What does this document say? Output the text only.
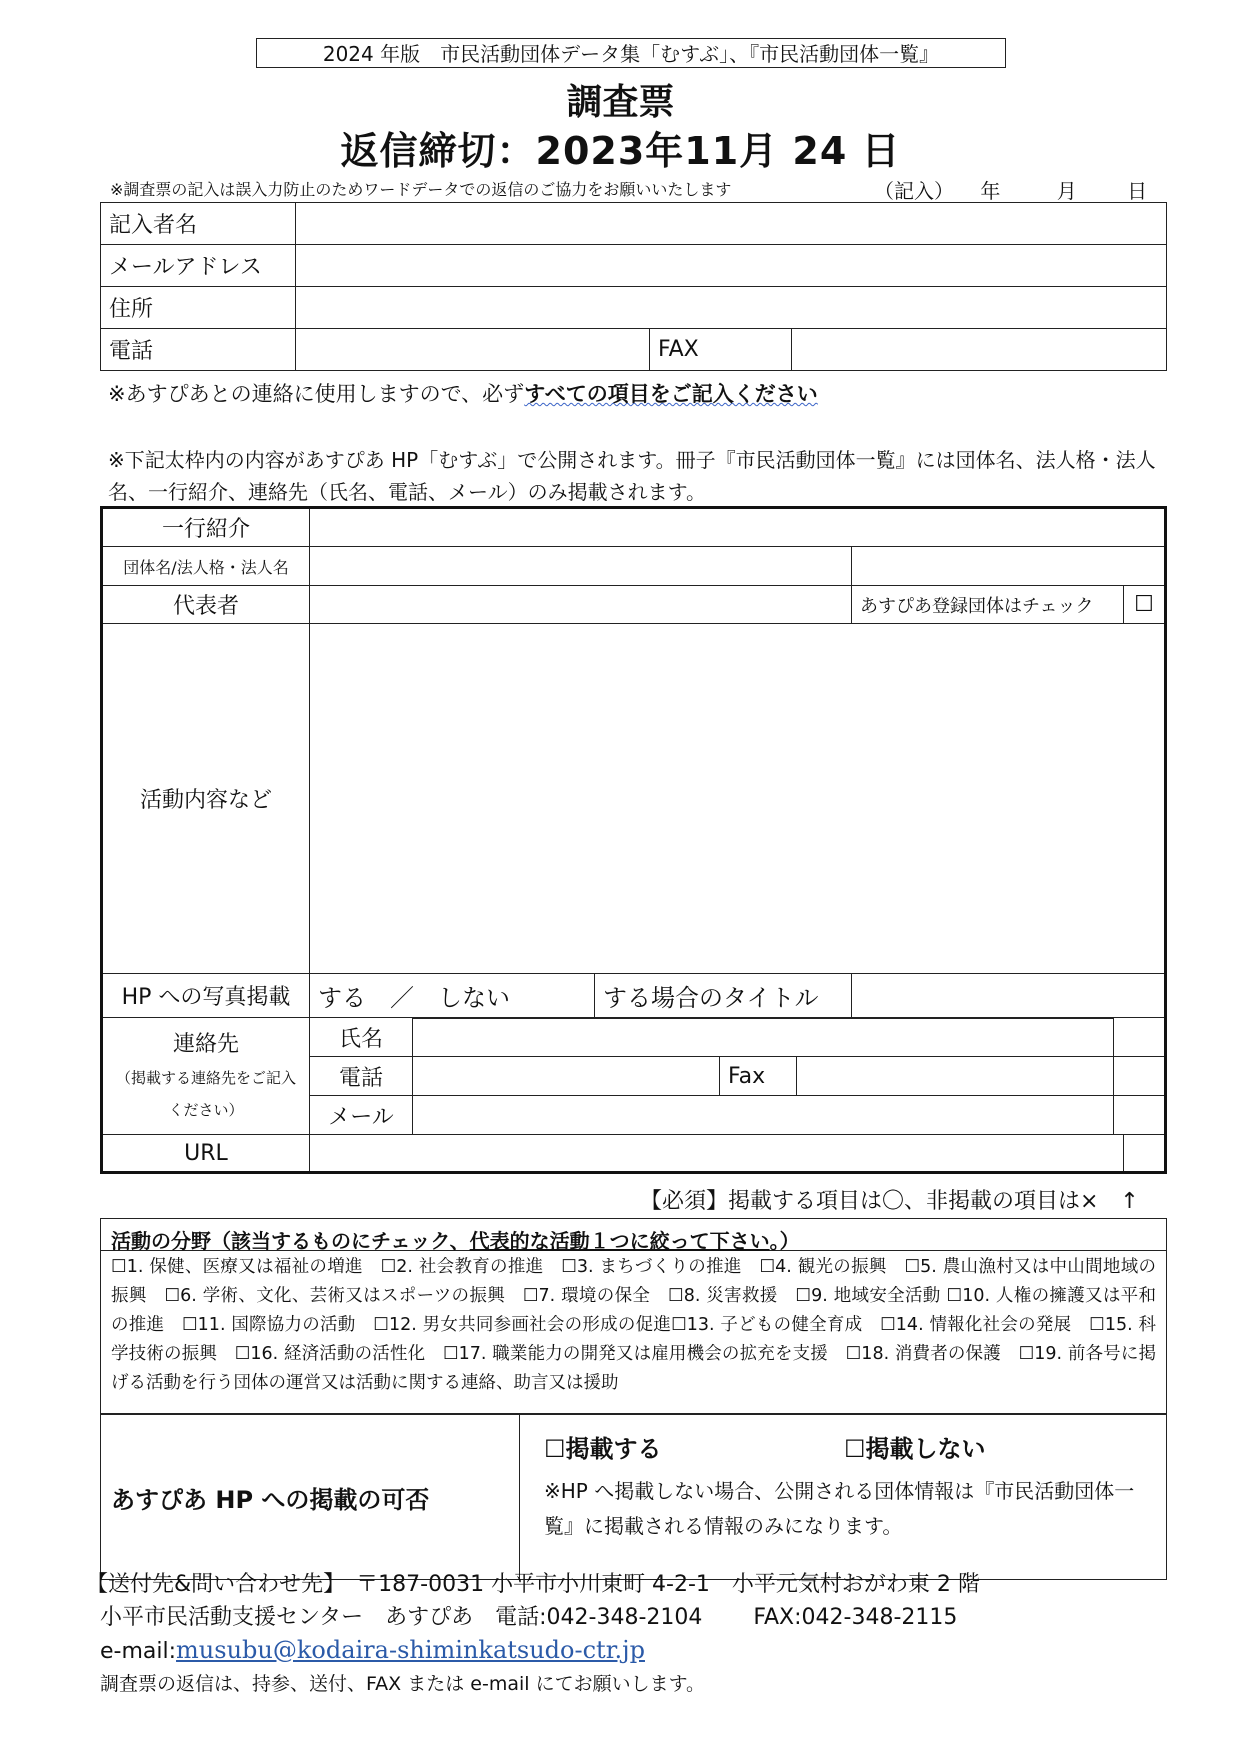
2024 年版　市民活動団体データ集「むすぶ」、『市民活動団体一覧』
調査票
返信締切：2023年11月 24 日
※調査票の記入は誤入力防止のためワードデータでの返信のご協力をお願いいたします	（記入） 年	月	日
記入者名			
メールアドレス			
住所			
電話		FAX	
※あすぴあとの連絡に使用しますので、必ずすべての項目をご記入ください
※下記太枠内の内容があすぴあ HP「むすぶ」で公開されます。冊子『市民活動団体一覧』には団体名、法人格・法人名、一行紹介、連絡先（氏名、電話、メール）のみ掲載されます。
一行紹介	
団体名/法人格・法人名		
代表者		あすぴあ登録団体はチェック	☐
活動内容など	
HP への写真掲載	する　／　しない	する場合のタイトル	

連絡先
（掲載する連絡先をご記入ください）

氏名		
電話		Fax		
メール		

URL		
【必須】掲載する項目は〇、非掲載の項目は×　↑
活動の分野（該当するものにチェック、代表的な活動１つに絞って下さい。）
☐1. 保健、医療又は福祉の増進　☐2. 社会教育の推進　☐3. まちづくりの推進　☐4. 観光の振興　☐5. 農山漁村又は中山間地域の振興　☐6. 学術、文化、芸術又はスポーツの振興　☐7. 環境の保全　☐8. 災害救援　☐9. 地域安全活動 ☐10. 人権の擁護又は平和の推進　☐11. 国際協力の活動　☐12. 男女共同参画社会の形成の促進☐13. 子どもの健全育成　☐14. 情報化社会の発展　☐15. 科学技術の振興　☐16. 経済活動の活性化　☐17. 職業能力の開発又は雇用機会の拡充を支援　☐18. 消費者の保護　☐19. 前各号に掲げる活動を行う団体の運営又は活動に関する連絡、助言又は援助
あすぴあ HP への掲載の可否	
☐掲載する	☐掲載しない
※HP へ掲載しない場合、公開される団体情報は『市民活動団体一覧』に掲載される情報のみになります。
【送付先&問い合わせ先】　〒187-0031 小平市小川東町 4-2-1　小平元気村おがわ東 2 階
小平市民活動支援センター　あすぴあ　電話:042-348-2104　　 FAX:042-348-2115
e-mail:musubu@kodaira-shiminkatsudo-ctr.jp
調査票の返信は、持参、送付、FAX または e-mail にてお願いします。
